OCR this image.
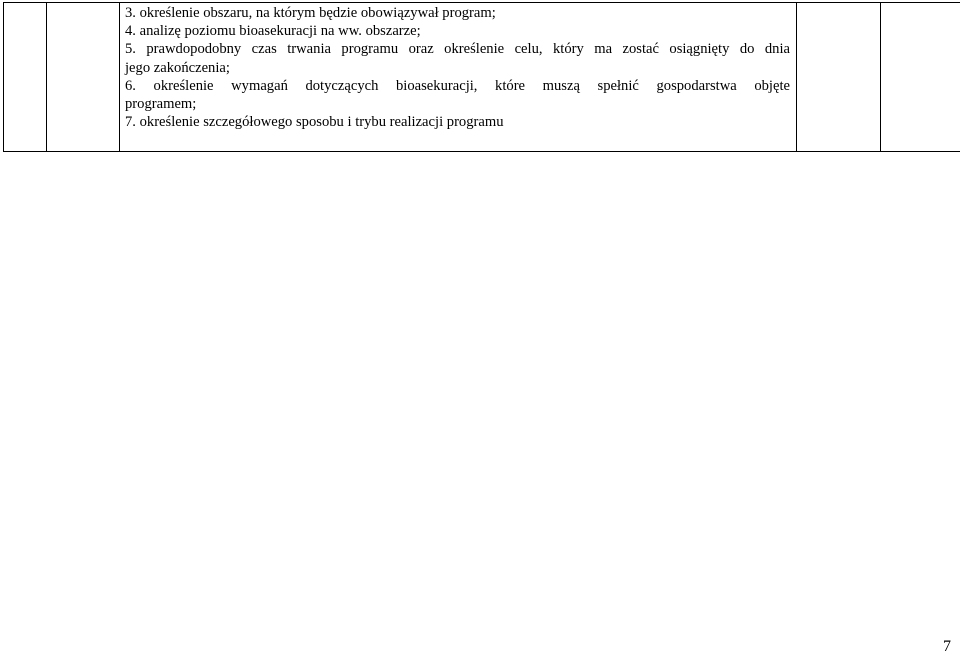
3. określenie obszaru, na którym będzie obowiązywał program;
4. analizę poziomu bioasekuracji na ww. obszarze;
5. prawdopodobny czas trwania programu oraz określenie celu, który ma zostać osiągnięty do dnia
jego zakończenia;
6. określenie wymagań dotyczących bioasekuracji, które muszą spełnić gospodarstwa objęte
programem;
7. określenie szczegółowego sposobu i trybu realizacji programu

7
